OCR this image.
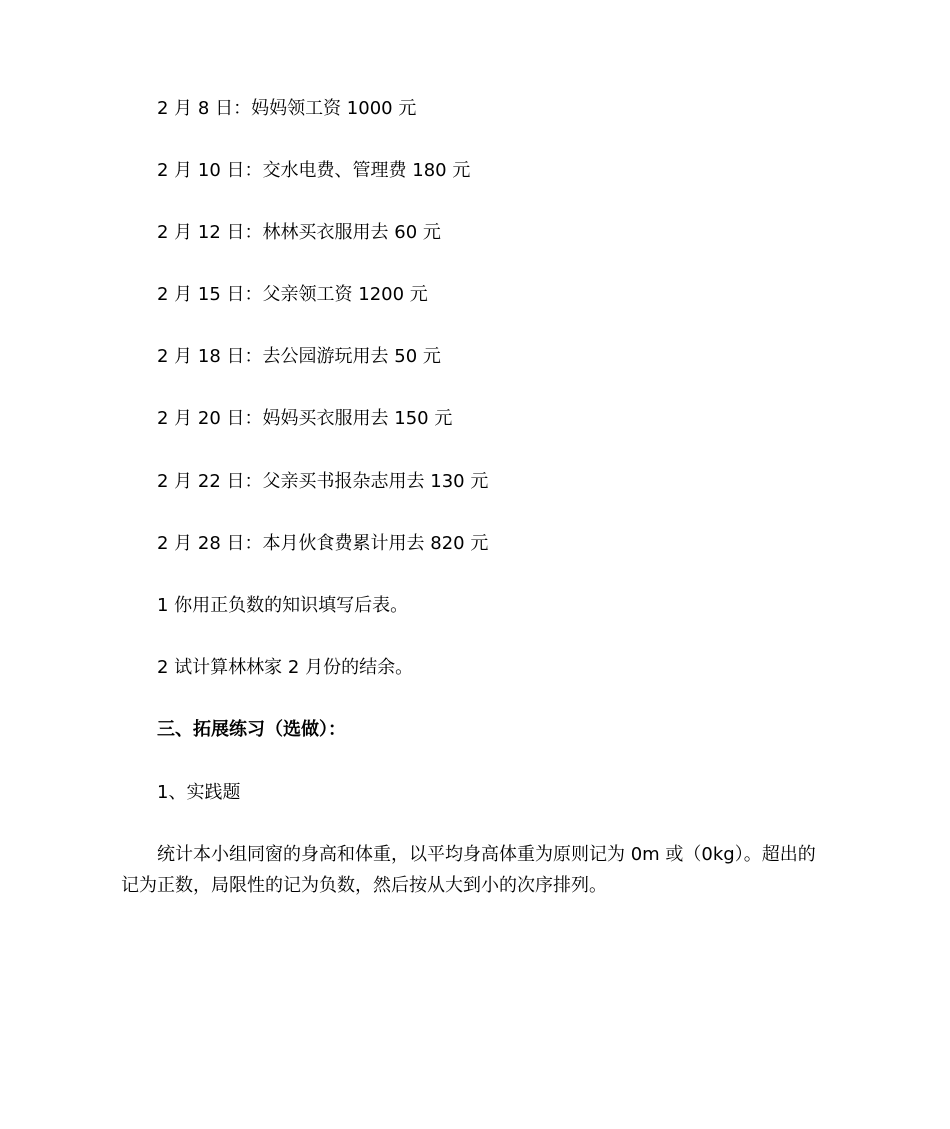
2 月 8 日：妈妈领工资 1000 元
2 月 10 日：交水电费、管理费 180 元
2 月 12 日：林林买衣服用去 60 元
2 月 15 日：父亲领工资 1200 元
2 月 18 日：去公园游玩用去 50 元
2 月 20 日：妈妈买衣服用去 150 元
2 月 22 日：父亲买书报杂志用去 130 元
2 月 28 日：本月伙食费累计用去 820 元
1 你用正负数的知识填写后表。
2 试计算林林家 2 月份的结余。
三、拓展练习（选做）：
1、实践题
统计本小组同窗的身高和体重，以平均身高体重为原则记为 0m 或（0kg）。超出的记为正数，局限性的记为负数，然后按从大到小的次序排列。
